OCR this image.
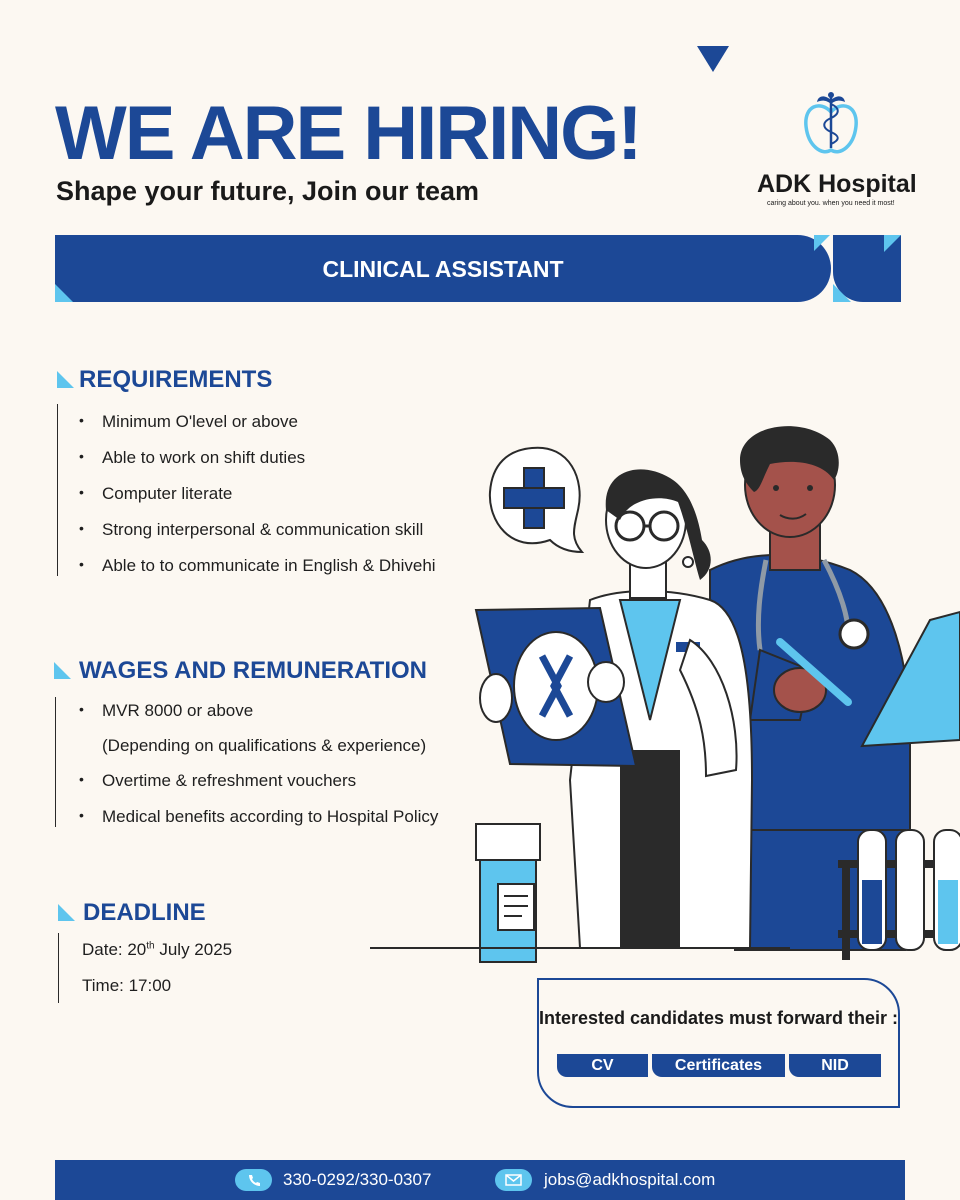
WE ARE HIRING!
Shape your future, Join our team	ADK Hospital
caring about you. when you need it most!
CLINICAL ASSISTANT
REQUIREMENTS
• Minimum O'level or above
• Able to work on shift duties
• Computer literate
• Strong interpersonal & communication skill
• Able to to communicate in English & Dhivehi
WAGES AND REMUNERATION
• MVR 8000 or above
(Depending on qualifications & experience)
• Overtime & refreshment vouchers
• Medical benefits according to Hospital Policy
DEADLINE
Date: 20th July 2025
Time: 17:00
Interested candidates must forward their :
CV	Certificates	NID
330-0292/330-0307	jobs@adkhospital.com
